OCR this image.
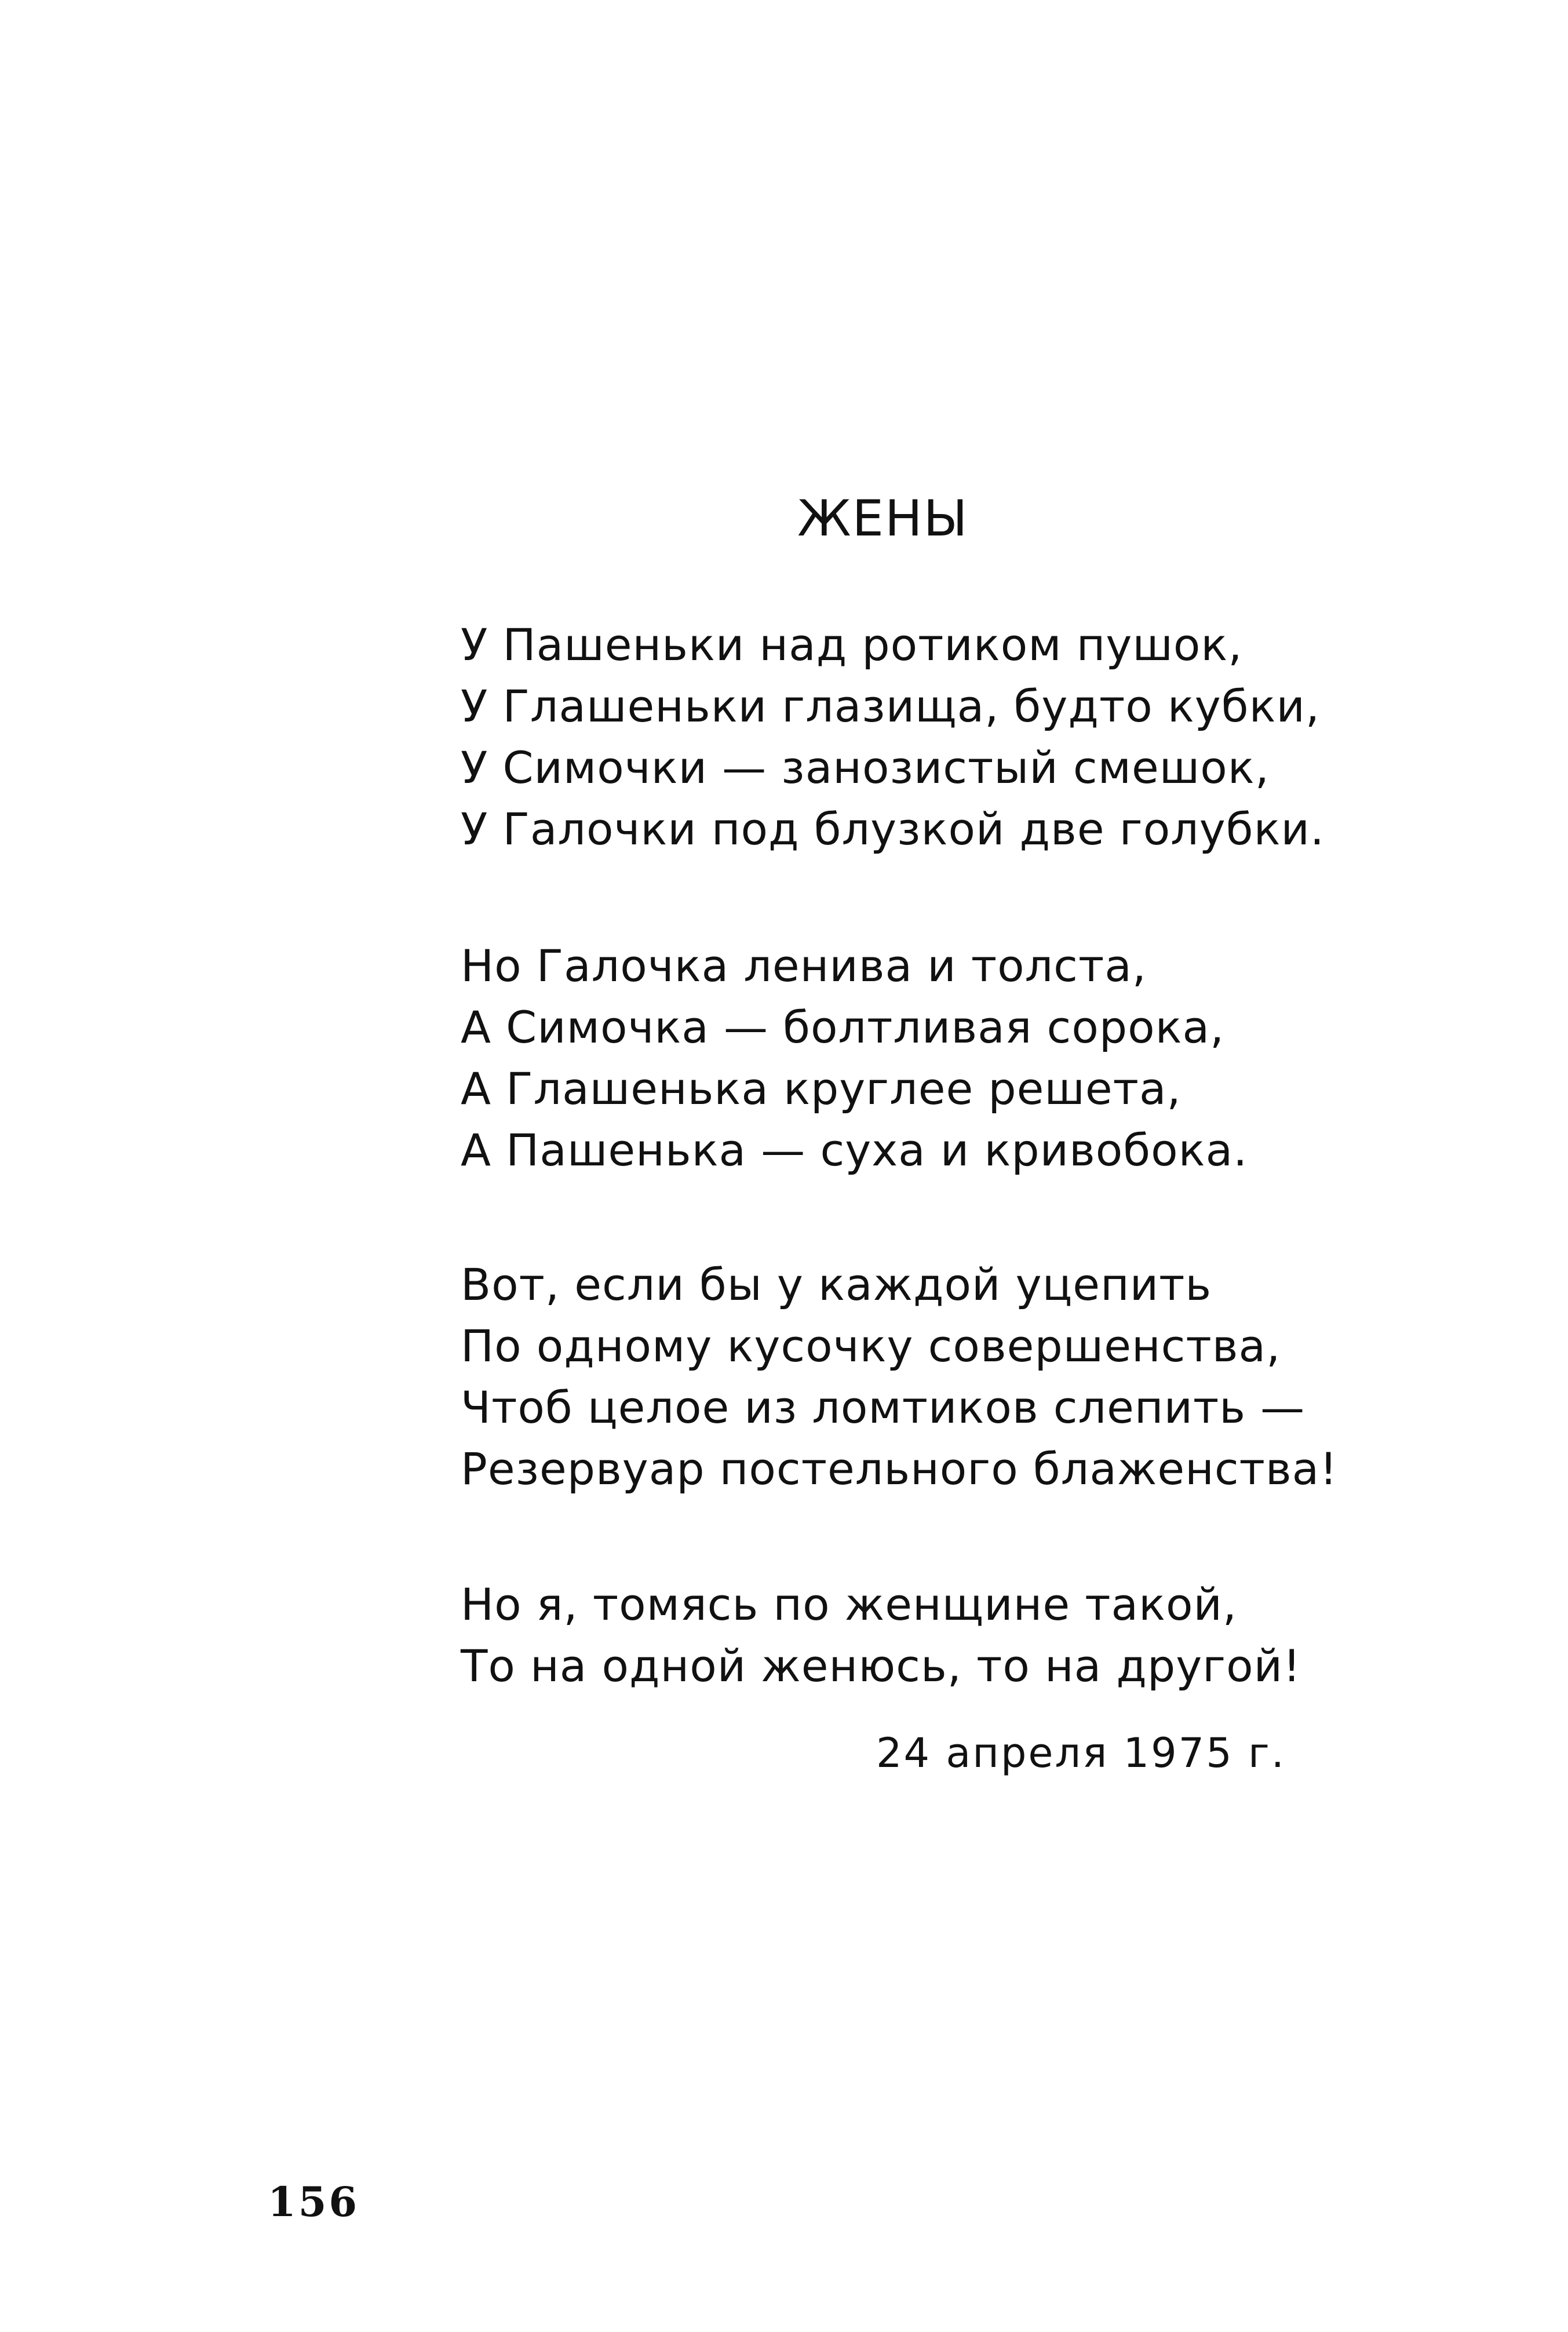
ЖЕНЫ
У Пашеньки над ротиком пушок,
У Глашеньки глазища, будто кубки,
У Симочки — занозистый смешок,
У Галочки под блузкой две голубки.
Но Галочка ленива и толста,
А Симочка — болтливая сорока,
А Глашенька круглее решета,
А Пашенька — суха и кривобока.
Вот, если бы у каждой уцепить
По одному кусочку совершенства,
Чтоб целое из ломтиков слепить —
Резервуар постельного блаженства!
Но я, томясь по женщине такой,
То на одной женюсь, то на другой!
24 апреля 1975 г.
156
